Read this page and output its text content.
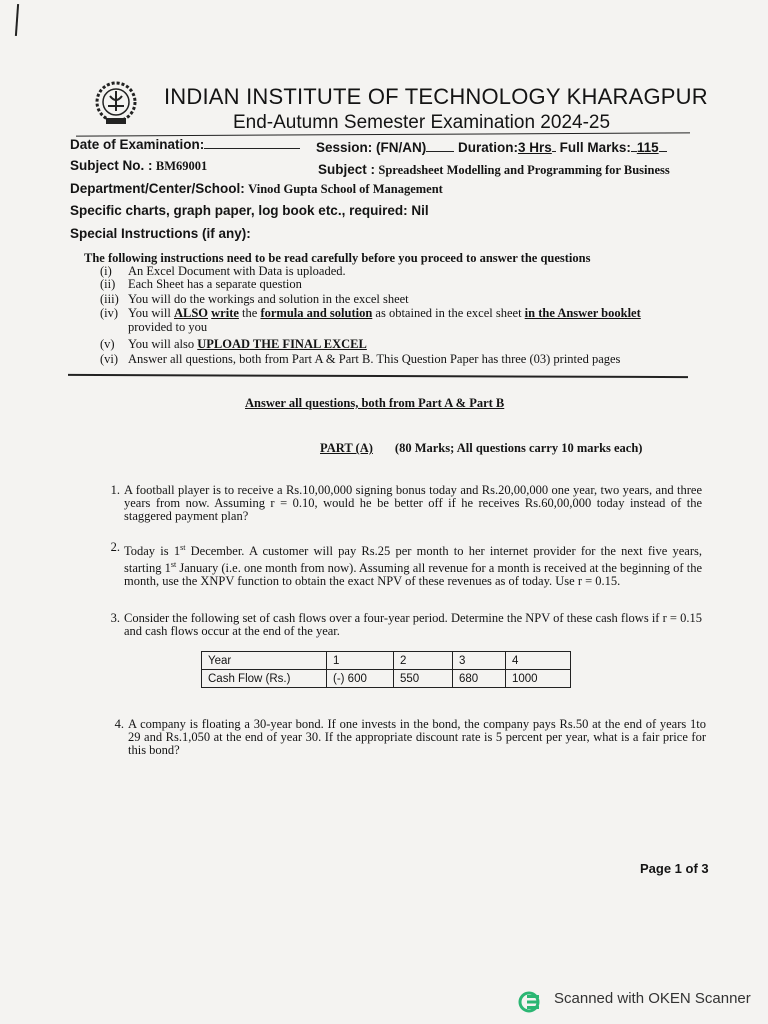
INDIAN INSTITUTE OF TECHNOLOGY KHARAGPUR
End-Autumn Semester Examination 2024-25
Date of Examination:	Session: (FN/AN) Duration:3 Hrs Full Marks: 115
Subject No. : BM69001	Subject : Spreadsheet Modelling and Programming for Business
Department/Center/School: Vinod Gupta School of Management
Specific charts, graph paper, log book etc., required: Nil
Special Instructions (if any):
The following instructions need to be read carefully before you proceed to answer the questions
(i) An Excel Document with Data is uploaded.
(ii) Each Sheet has a separate question
(iii) You will do the workings and solution in the excel sheet
(iv) You will ALSO write the formula and solution as obtained in the excel sheet in the Answer booklet
provided to you
(v) You will also UPLOAD THE FINAL EXCEL
(vi) Answer all questions, both from Part A & Part B. This Question Paper has three (03) printed pages
Answer all questions, both from Part A & Part B
PART (A) (80 Marks; All questions carry 10 marks each)
1. A football player is to receive a Rs.10,00,000 signing bonus today and Rs.20,00,000 one year, two years, and three years from now. Assuming r = 0.10, would he be better off if he receives Rs.60,00,000 today instead of the staggered payment plan?
2. Today is 1st December. A customer will pay Rs.25 per month to her internet provider for the next five years, starting 1st January (i.e. one month from now). Assuming all revenue for a month is received at the beginning of the month, use the XNPV function to obtain the exact NPV of these revenues as of today. Use r = 0.15.
3. Consider the following set of cash flows over a four-year period. Determine the NPV of these cash flows if r = 0.15 and cash flows occur at the end of the year.
Year	1	2	3	4
Cash Flow (Rs.)	(-) 600	550	680	1000
4. A company is floating a 30-year bond. If one invests in the bond, the company pays Rs.50 at the end of years 1to 29 and Rs.1,050 at the end of year 30. If the appropriate discount rate is 5 percent per year, what is a fair price for this bond?
Page 1 of 3
Scanned with OKEN Scanner
